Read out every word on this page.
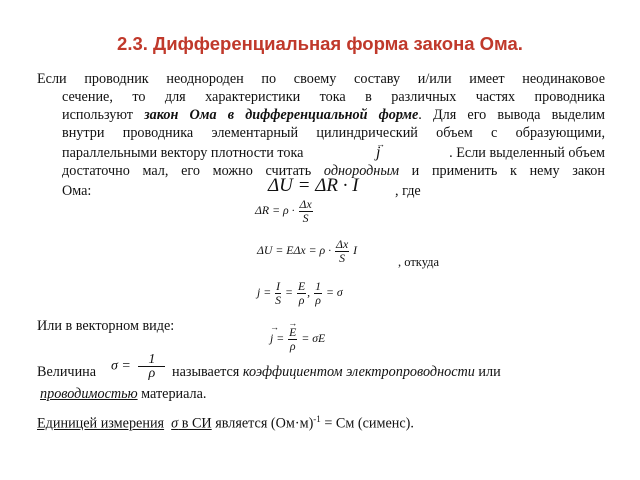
2.3. Дифференциальная форма закона Ома.
Если проводник неоднороден по своему составу и/или имеет неодинаковое
сечение, то для характеристики тока в различных частях проводника
используют закон Ома в дифференциальной форме. Для его вывода выделим
внутри проводника элементарный цилиндрический объем с образующими,
параллельными вектору плотности тока	→ j	. Если выделенный объем
достаточно мал, его можно считать однородным и применить к нему закон
Ома:	ΔU = ΔR · I	, где
$\Delta R = \rho \cdot \frac{\Delta x}{S}$
$\Delta U = E\Delta x = \rho \cdot \frac{\Delta x}{S}$ I
, откуда
$j = \frac{I}{S} = \frac{E}{\rho}$ , $\frac{1}{\rho} = \sigma$
Или в векторном виде:
→ j = → $\frac{E}{\rho} = \sigma E$
Величина $\sigma = \frac{1}{\rho}$ называется коэффициентом электропроводности или
проводимостью материала.
Единицей измерения σ в СИ является $(Ом\cdot м)^{-1}$ = См (сименс).
